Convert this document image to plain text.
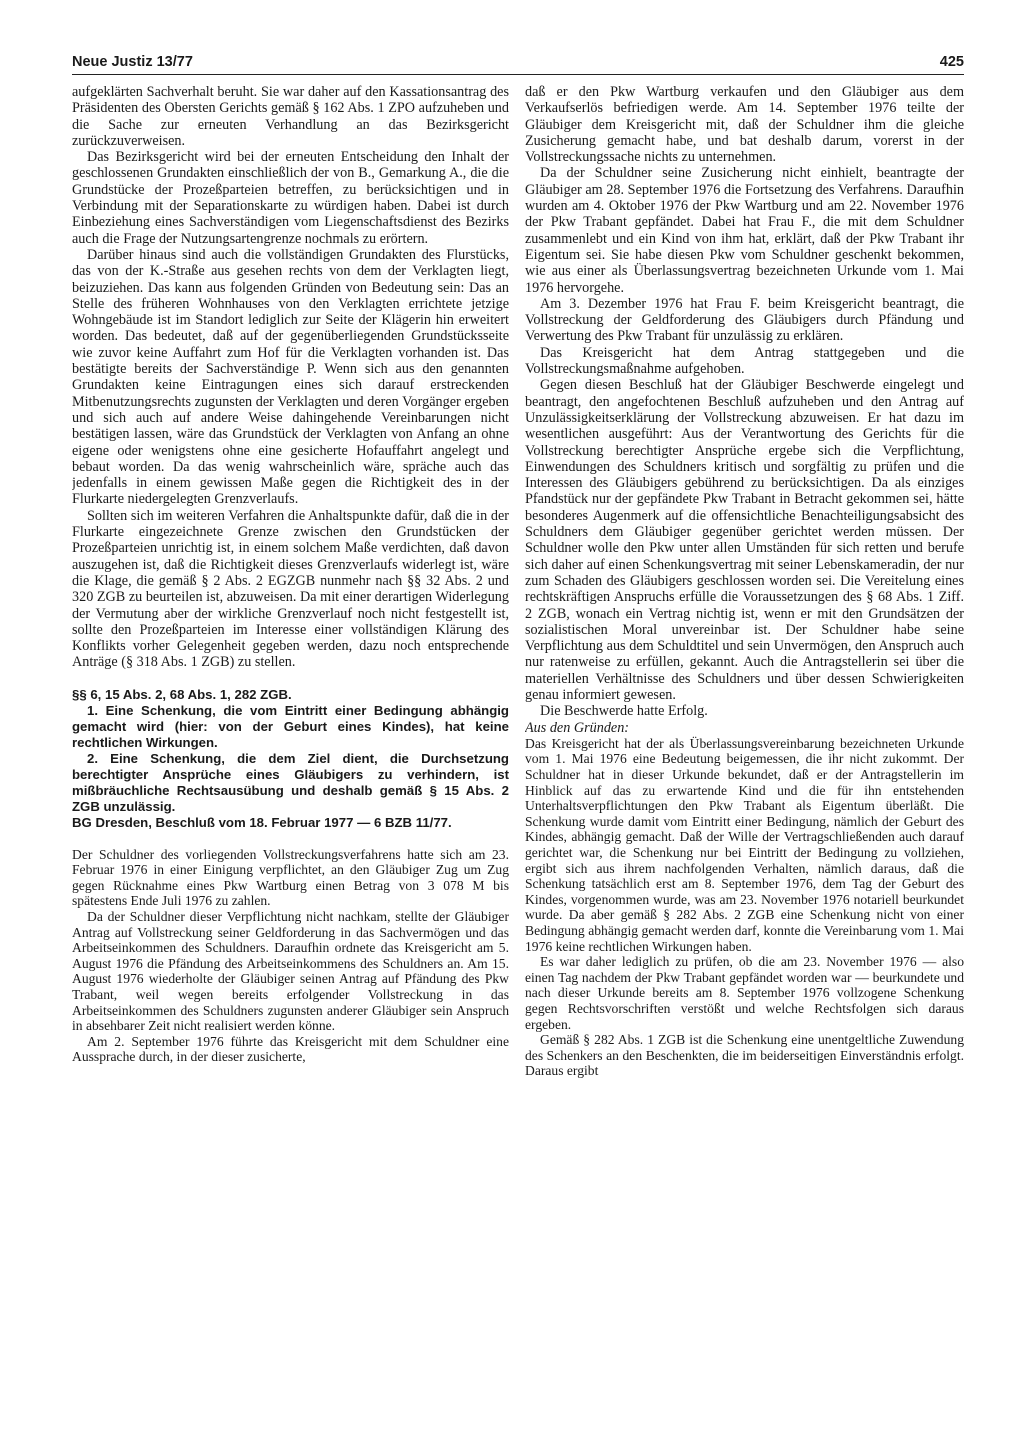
Neue Justiz 13/77	425

aufgeklärten Sachverhalt beruht. Sie war daher auf den Kassationsantrag des Präsidenten des Obersten Gerichts gemäß § 162 Abs. 1 ZPO aufzuheben und die Sache zur erneuten Verhandlung an das Bezirksgericht zurückzuverweisen.

Das Bezirksgericht wird bei der erneuten Entscheidung den Inhalt der geschlossenen Grundakten einschließlich der von B., Gemarkung A., die die Grundstücke der Prozeßparteien betreffen, zu berücksichtigen und in Verbindung mit der Separationskarte zu würdigen haben. Dabei ist durch Einbeziehung eines Sachverständigen vom Liegenschaftsdienst des Bezirks auch die Frage der Nutzungsartengrenze nochmals zu erörtern.

Darüber hinaus sind auch die vollständigen Grundakten des Flurstücks, das von der K.-Straße aus gesehen rechts von dem der Verklagten liegt, beizuziehen. Das kann aus folgenden Gründen von Bedeutung sein: Das an Stelle des früheren Wohnhauses von den Verklagten errichtete jetzige Wohngebäude ist im Standort lediglich zur Seite der Klägerin hin erweitert worden. Das bedeutet, daß auf der gegenüberliegenden Grundstücksseite wie zuvor keine Auffahrt zum Hof für die Verklagten vorhanden ist. Das bestätigte bereits der Sachverständige P. Wenn sich aus den genannten Grundakten keine Eintragungen eines sich darauf erstreckenden Mitbenutzungsrechts zugunsten der Verklagten und deren Vorgänger ergeben und sich auch auf andere Weise dahingehende Vereinbarungen nicht bestätigen lassen, wäre das Grundstück der Verklagten von Anfang an ohne eigene oder wenigstens ohne eine gesicherte Hofauffahrt angelegt und bebaut worden. Da das wenig wahrscheinlich wäre, spräche auch das jedenfalls in einem gewissen Maße gegen die Richtigkeit des in der Flurkarte niedergelegten Grenzverlaufs.

Sollten sich im weiteren Verfahren die Anhaltspunkte dafür, daß die in der Flurkarte eingezeichnete Grenze zwischen den Grundstücken der Prozeßparteien unrichtig ist, in einem solchem Maße verdichten, daß davon auszugehen ist, daß die Richtigkeit dieses Grenzverlaufs widerlegt ist, wäre die Klage, die gemäß § 2 Abs. 2 EGZGB nunmehr nach §§ 32 Abs. 2 und 320 ZGB zu beurteilen ist, abzuweisen. Da mit einer derartigen Widerlegung der Vermutung aber der wirkliche Grenzverlauf noch nicht festgestellt ist, sollte den Prozeßparteien im Interesse einer vollständigen Klärung des Konflikts vorher Gelegenheit gegeben werden, dazu noch entsprechende Anträge (§ 318 Abs. 1 ZGB) zu stellen.

§§ 6, 15 Abs. 2, 68 Abs. 1, 282 ZGB.

1. Eine Schenkung, die vom Eintritt einer Bedingung abhängig gemacht wird (hier: von der Geburt eines Kindes), hat keine rechtlichen Wirkungen.

2. Eine Schenkung, die dem Ziel dient, die Durchsetzung berechtigter Ansprüche eines Gläubigers zu verhindern, ist mißbräuchliche Rechtsausübung und deshalb gemäß § 15 Abs. 2 ZGB unzulässig.

BG Dresden, Beschluß vom 18. Februar 1977 — 6 BZB 11/77.

Der Schuldner des vorliegenden Vollstreckungsverfahrens hatte sich am 23. Februar 1976 in einer Einigung verpflichtet, an den Gläubiger Zug um Zug gegen Rücknahme eines Pkw Wartburg einen Betrag von 3 078 M bis spätestens Ende Juli 1976 zu zahlen.

Da der Schuldner dieser Verpflichtung nicht nachkam, stellte der Gläubiger Antrag auf Vollstreckung seiner Geldforderung in das Sachvermögen und das Arbeitseinkommen des Schuldners. Daraufhin ordnete das Kreisgericht am 5. August 1976 die Pfändung des Arbeitseinkommens des Schuldners an. Am 15. August 1976 wiederholte der Gläubiger seinen Antrag auf Pfändung des Pkw Trabant, weil wegen bereits erfolgender Vollstreckung in das Arbeitseinkommen des Schuldners zugunsten anderer Gläubiger sein Anspruch in absehbarer Zeit nicht realisiert werden könne.

Am 2. September 1976 führte das Kreisgericht mit dem Schuldner eine Aussprache durch, in der dieser zusicherte,

daß er den Pkw Wartburg verkaufen und den Gläubiger aus dem Verkaufserlös befriedigen werde. Am 14. September 1976 teilte der Gläubiger dem Kreisgericht mit, daß der Schuldner ihm die gleiche Zusicherung gemacht habe, und bat deshalb darum, vorerst in der Vollstreckungssache nichts zu unternehmen.

Da der Schuldner seine Zusicherung nicht einhielt, beantragte der Gläubiger am 28. September 1976 die Fortsetzung des Verfahrens. Daraufhin wurden am 4. Oktober 1976 der Pkw Wartburg und am 22. November 1976 der Pkw Trabant gepfändet. Dabei hat Frau F., die mit dem Schuldner zusammenlebt und ein Kind von ihm hat, erklärt, daß der Pkw Trabant ihr Eigentum sei. Sie habe diesen Pkw vom Schuldner geschenkt bekommen, wie aus einer als Überlassungsvertrag bezeichneten Urkunde vom 1. Mai 1976 hervorgehe.

Am 3. Dezember 1976 hat Frau F. beim Kreisgericht beantragt, die Vollstreckung der Geldforderung des Gläubigers durch Pfändung und Verwertung des Pkw Trabant für unzulässig zu erklären.

Das Kreisgericht hat dem Antrag stattgegeben und die Vollstreckungsmaßnahme aufgehoben.

Gegen diesen Beschluß hat der Gläubiger Beschwerde eingelegt und beantragt, den angefochtenen Beschluß aufzuheben und den Antrag auf Unzulässigkeitserklärung der Vollstreckung abzuweisen. Er hat dazu im wesentlichen ausgeführt: Aus der Verantwortung des Gerichts für die Vollstreckung berechtigter Ansprüche ergebe sich die Verpflichtung, Einwendungen des Schuldners kritisch und sorgfältig zu prüfen und die Interessen des Gläubigers gebührend zu berücksichtigen. Da als einziges Pfandstück nur der gepfändete Pkw Trabant in Betracht gekommen sei, hätte besonderes Augenmerk auf die offensichtliche Benachteiligungsabsicht des Schuldners dem Gläubiger gegenüber gerichtet werden müssen. Der Schuldner wolle den Pkw unter allen Umständen für sich retten und berufe sich daher auf einen Schenkungsvertrag mit seiner Lebenskameradin, der nur zum Schaden des Gläubigers geschlossen worden sei. Die Vereitelung eines rechtskräftigen Anspruchs erfülle die Voraussetzungen des § 68 Abs. 1 Ziff. 2 ZGB, wonach ein Vertrag nichtig ist, wenn er mit den Grundsätzen der sozialistischen Moral unvereinbar ist. Der Schuldner habe seine Verpflichtung aus dem Schuldtitel und sein Unvermögen, den Anspruch auch nur ratenweise zu erfüllen, gekannt. Auch die Antragstellerin sei über die materiellen Verhältnisse des Schuldners und über dessen Schwierigkeiten genau informiert gewesen.

Die Beschwerde hatte Erfolg.

Aus den Gründen:

Das Kreisgericht hat der als Überlassungsvereinbarung bezeichneten Urkunde vom 1. Mai 1976 eine Bedeutung beigemessen, die ihr nicht zukommt. Der Schuldner hat in dieser Urkunde bekundet, daß er der Antragstellerin im Hinblick auf das zu erwartende Kind und die für ihn entstehenden Unterhaltsverpflichtungen den Pkw Trabant als Eigentum überläßt. Die Schenkung wurde damit vom Eintritt einer Bedingung, nämlich der Geburt des Kindes, abhängig gemacht. Daß der Wille der Vertragschließenden auch darauf gerichtet war, die Schenkung nur bei Eintritt der Bedingung zu vollziehen, ergibt sich aus ihrem nachfolgenden Verhalten, nämlich daraus, daß die Schenkung tatsächlich erst am 8. September 1976, dem Tag der Geburt des Kindes, vorgenommen wurde, was am 23. November 1976 notariell beurkundet wurde. Da aber gemäß § 282 Abs. 2 ZGB eine Schenkung nicht von einer Bedingung abhängig gemacht werden darf, konnte die Vereinbarung vom 1. Mai 1976 keine rechtlichen Wirkungen haben.

Es war daher lediglich zu prüfen, ob die am 23. November 1976 — also einen Tag nachdem der Pkw Trabant gepfändet worden war — beurkundete und nach dieser Urkunde bereits am 8. September 1976 vollzogene Schenkung gegen Rechtsvorschriften verstößt und welche Rechtsfolgen sich daraus ergeben.

Gemäß § 282 Abs. 1 ZGB ist die Schenkung eine unentgeltliche Zuwendung des Schenkers an den Beschenkten, die im beiderseitigen Einverständnis erfolgt. Daraus ergibt
